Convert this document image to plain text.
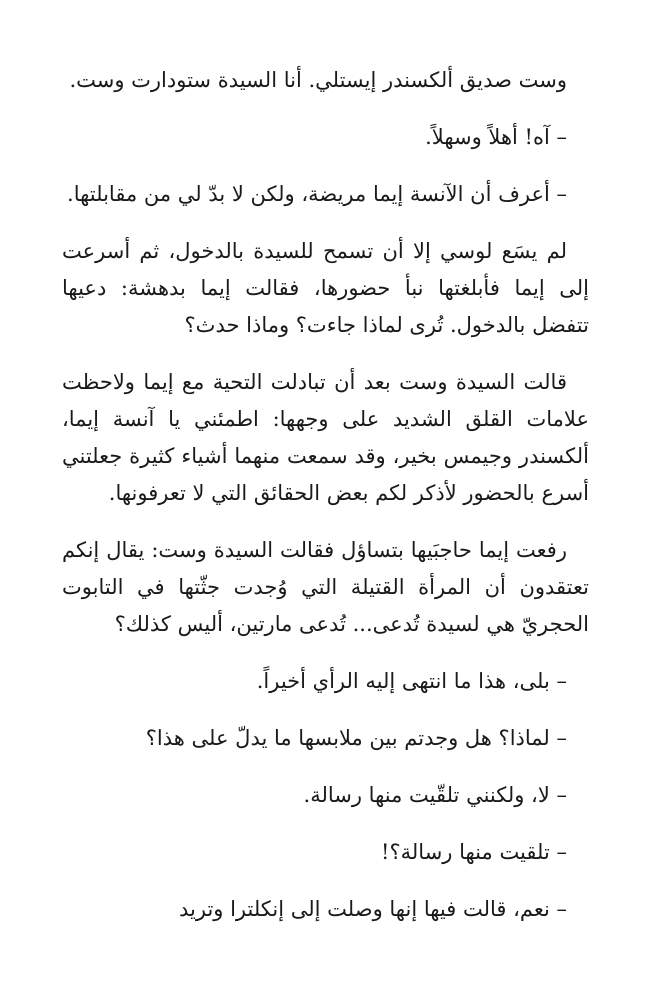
وست صديق ألكسندر إيستلي. أنا السيدة ستودارت وست.

– آه! أهلاً وسهلاً.

– أعرف أن الآنسة إيما مريضة، ولكن لا بدّ لي من مقابلتها.

لم يسَع لوسي إلا أن تسمح للسيدة بالدخول، ثم أسرعت إلى إيما فأبلغتها نبأ حضورها، فقالت إيما بدهشة: دعيها تتفضل بالدخول. تُرى لماذا جاءت؟ وماذا حدث؟

قالت السيدة وست بعد أن تبادلت التحية مع إيما ولاحظت علامات القلق الشديد على وجهها: اطمئني يا آنسة إيما، ألكسندر وجيمس بخير، وقد سمعت منهما أشياء كثيرة جعلتني أسرع بالحضور لأذكر لكم بعض الحقائق التي لا تعرفونها.

رفعت إيما حاجبَيها بتساؤل فقالت السيدة وست: يقال إنكم تعتقدون أن المرأة القتيلة التي وُجدت جثّتها في التابوت الحجريّ هي لسيدة تُدعى... تُدعى مارتين، أليس كذلك؟

– بلى، هذا ما انتهى إليه الرأي أخيراً.

– لماذا؟ هل وجدتم بين ملابسها ما يدلّ على هذا؟

– لا، ولكنني تلقّيت منها رسالة.

– تلقيت منها رسالة؟!

– نعم، قالت فيها إنها وصلت إلى إنكلترا وتريد
